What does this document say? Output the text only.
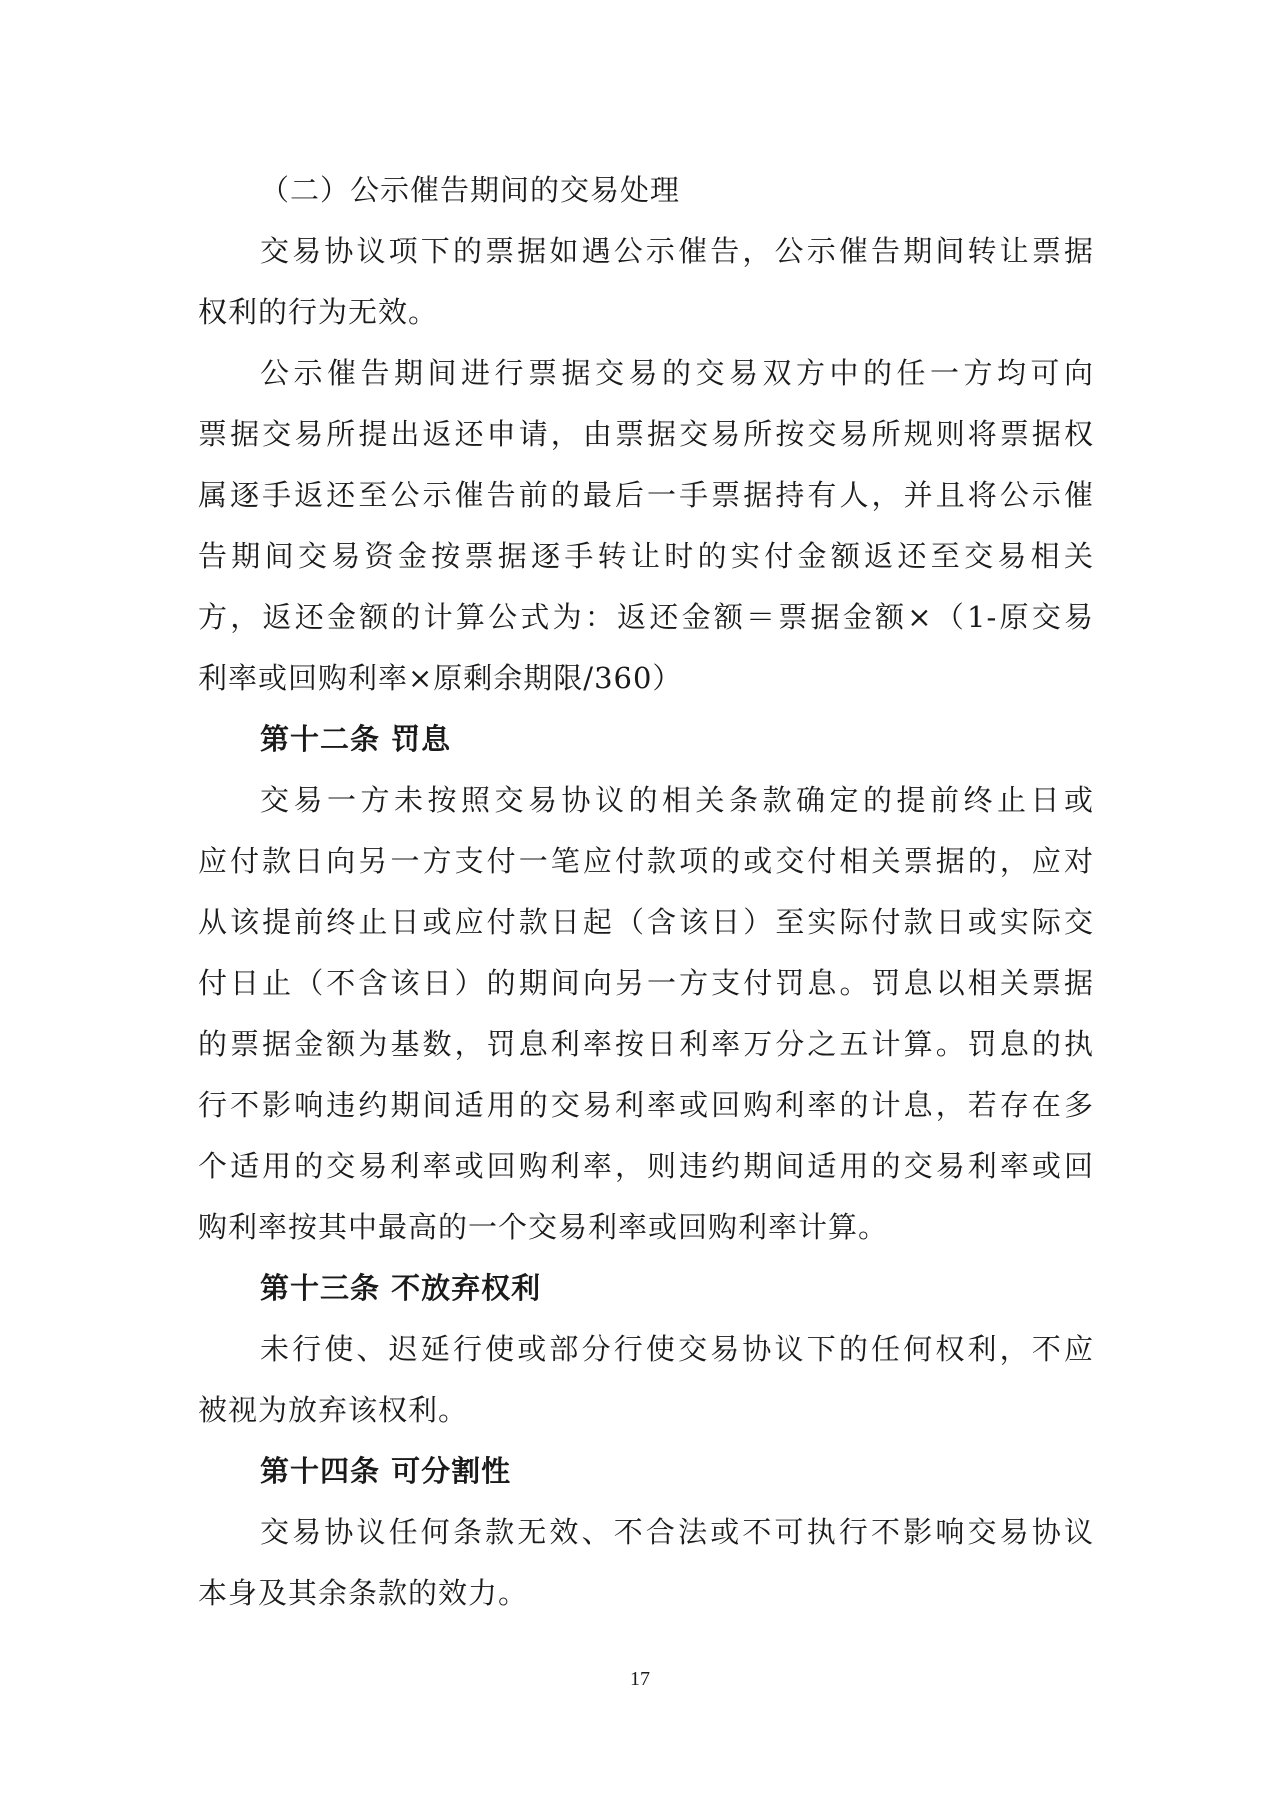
（二）公示催告期间的交易处理
交易协议项下的票据如遇公示催告，公示催告期间转让票据
权利的行为无效。
公示催告期间进行票据交易的交易双方中的任一方均可向
票据交易所提出返还申请，由票据交易所按交易所规则将票据权
属逐手返还至公示催告前的最后一手票据持有人，并且将公示催
告期间交易资金按票据逐手转让时的实付金额返还至交易相关
方，返还金额的计算公式为：返还金额＝票据金额×（1-原交易
利率或回购利率×原剩余期限/360）
第十二条 罚息
交易一方未按照交易协议的相关条款确定的提前终止日或
应付款日向另一方支付一笔应付款项的或交付相关票据的，应对
从该提前终止日或应付款日起（含该日）至实际付款日或实际交
付日止（不含该日）的期间向另一方支付罚息。罚息以相关票据
的票据金额为基数，罚息利率按日利率万分之五计算。罚息的执
行不影响违约期间适用的交易利率或回购利率的计息，若存在多
个适用的交易利率或回购利率，则违约期间适用的交易利率或回
购利率按其中最高的一个交易利率或回购利率计算。
第十三条 不放弃权利
未行使、迟延行使或部分行使交易协议下的任何权利，不应
被视为放弃该权利。
第十四条 可分割性
交易协议任何条款无效、不合法或不可执行不影响交易协议
本身及其余条款的效力。
17
